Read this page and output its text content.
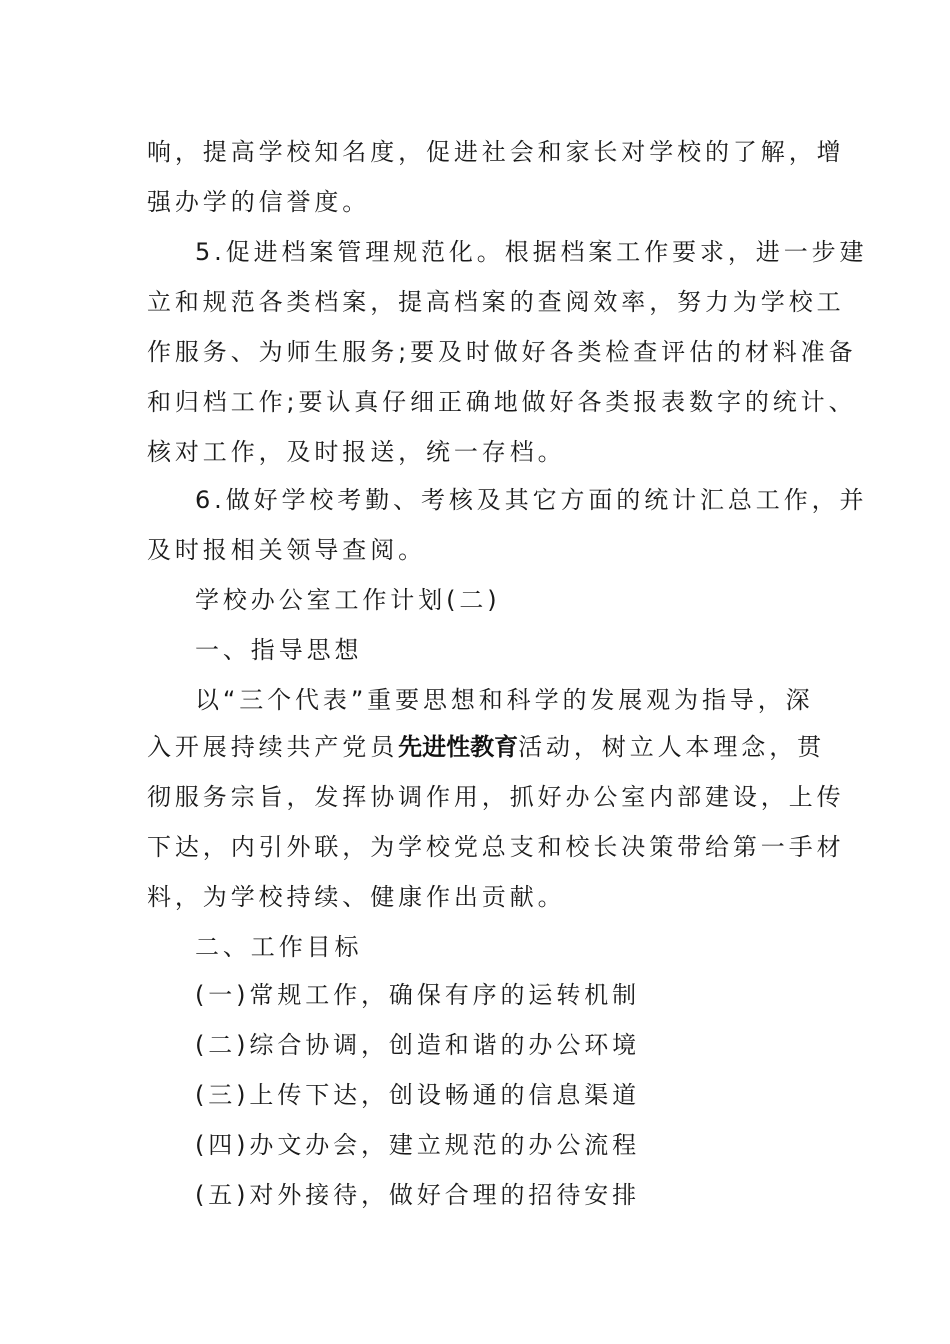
响，提高学校知名度，促进社会和家长对学校的了解，增
强办学的信誉度。
5.促进档案管理规范化。根据档案工作要求，进一步建
立和规范各类档案，提高档案的查阅效率，努力为学校工
作服务、为师生服务;要及时做好各类检查评估的材料准备
和归档工作;要认真仔细正确地做好各类报表数字的统计、
核对工作，及时报送，统一存档。
6.做好学校考勤、考核及其它方面的统计汇总工作，并
及时报相关领导查阅。
学校办公室工作计划(二)
一、指导思想
以“三个代表”重要思想和科学的发展观为指导，深
入开展持续共产党员先进性教育活动，树立人本理念，贯
彻服务宗旨，发挥协调作用，抓好办公室内部建设，上传
下达，内引外联，为学校党总支和校长决策带给第一手材
料，为学校持续、健康作出贡献。
二、工作目标
(一)常规工作，确保有序的运转机制
(二)综合协调，创造和谐的办公环境
(三)上传下达，创设畅通的信息渠道
(四)办文办会，建立规范的办公流程
(五)对外接待，做好合理的招待安排
